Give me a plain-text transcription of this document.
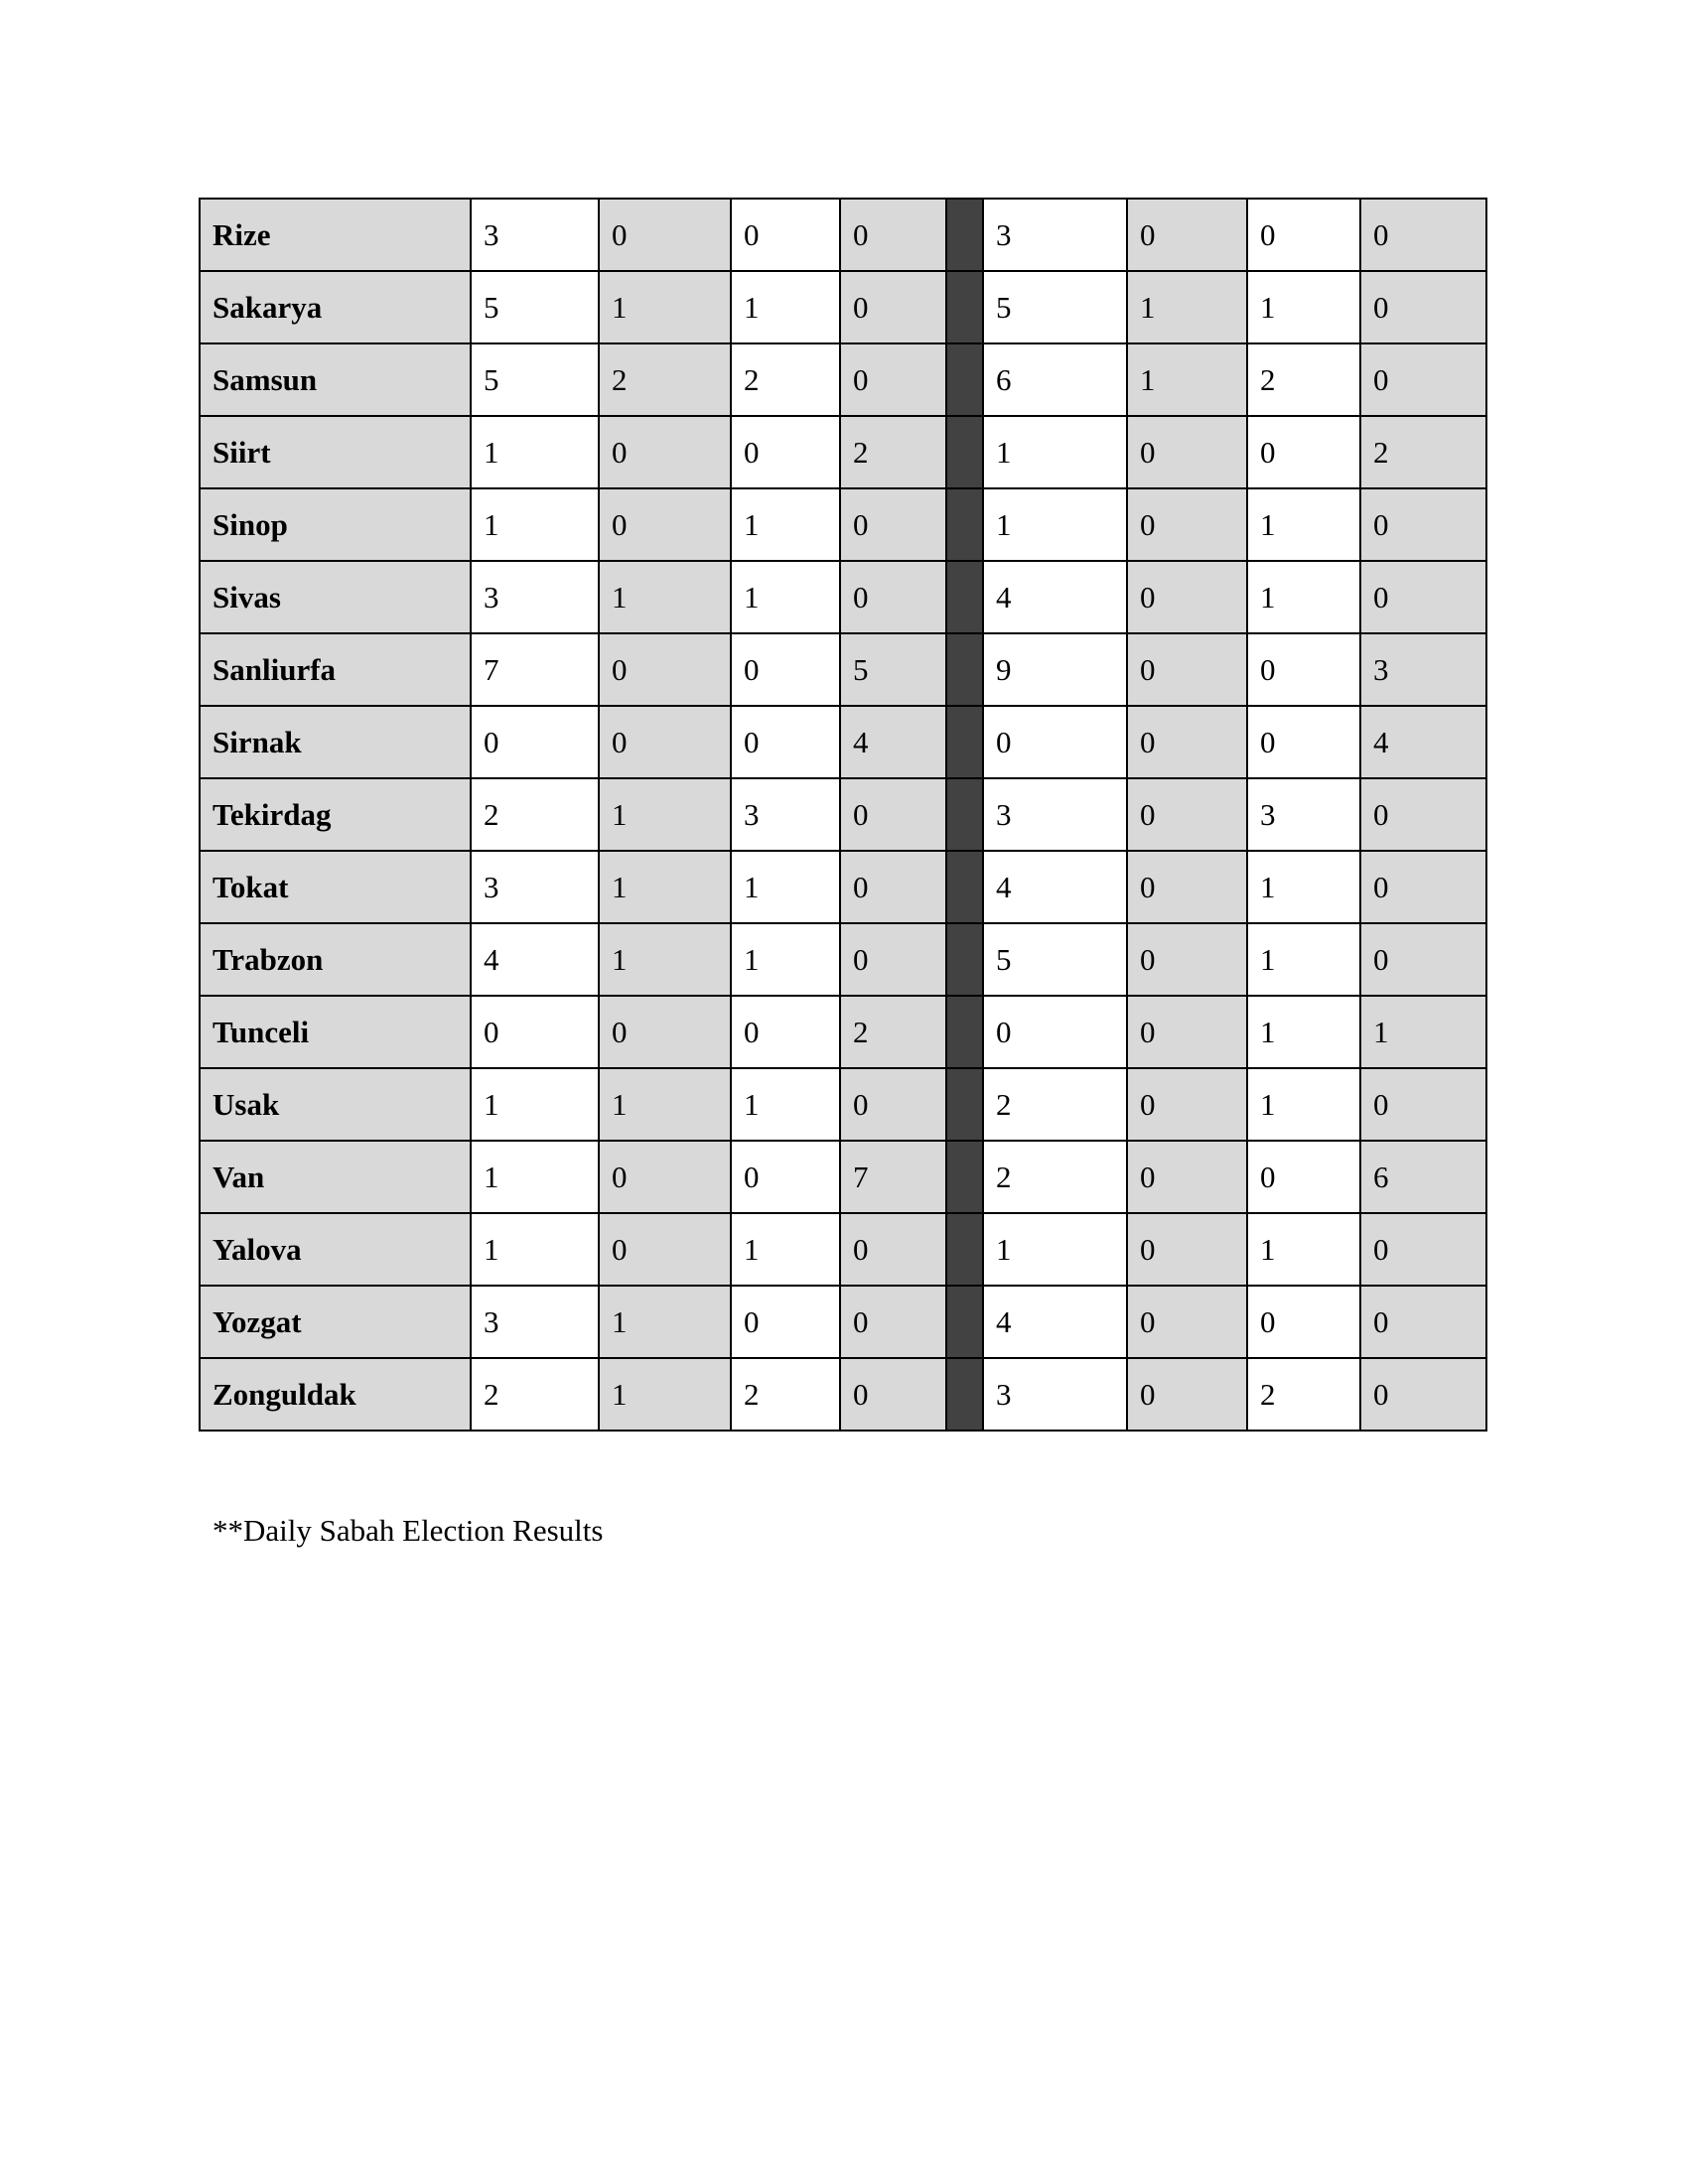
Rize	3	0	0	0		3	0	0	0
Sakarya	5	1	1	0		5	1	1	0
Samsun	5	2	2	0		6	1	2	0
Siirt	1	0	0	2		1	0	0	2
Sinop	1	0	1	0		1	0	1	0
Sivas	3	1	1	0		4	0	1	0
Sanliurfa	7	0	0	5		9	0	0	3
Sirnak	0	0	0	4		0	0	0	4
Tekirdag	2	1	3	0		3	0	3	0
Tokat	3	1	1	0		4	0	1	0
Trabzon	4	1	1	0		5	0	1	0
Tunceli	0	0	0	2		0	0	1	1
Usak	1	1	1	0		2	0	1	0
Van	1	0	0	7		2	0	0	6
Yalova	1	0	1	0		1	0	1	0
Yozgat	3	1	0	0		4	0	0	0
Zonguldak	2	1	2	0		3	0	2	0

**Daily Sabah Election Results
